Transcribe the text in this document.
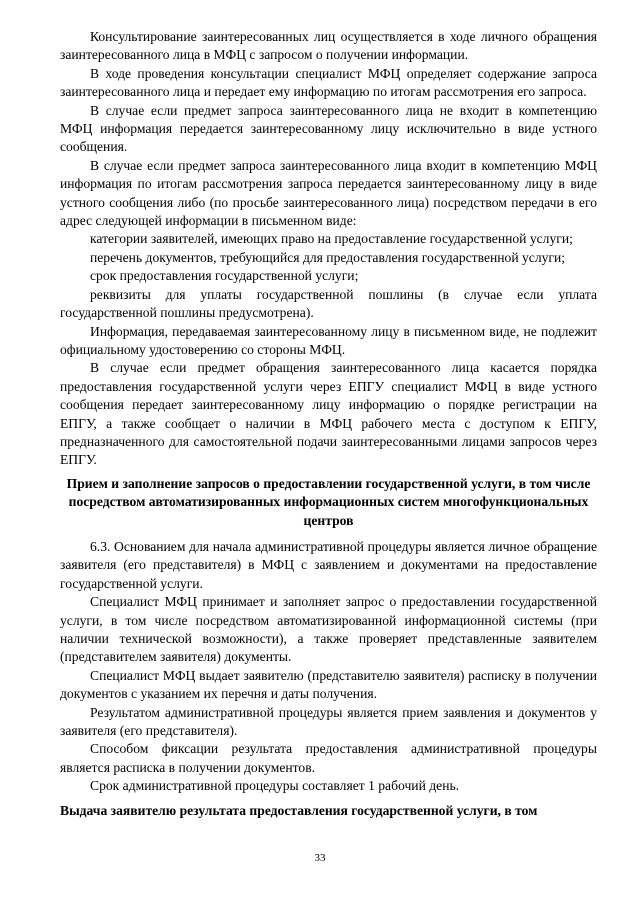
Консультирование заинтересованных лиц осуществляется в ходе личного обращения заинтересованного лица в МФЦ с запросом о получении информации.

В ходе проведения консультации специалист МФЦ определяет содержание запроса заинтересованного лица и передает ему информацию по итогам рассмотрения его запроса.

В случае если предмет запроса заинтересованного лица не входит в компетенцию МФЦ информация передается заинтересованному лицу исключительно в виде устного сообщения.

В случае если предмет запроса заинтересованного лица входит в компетенцию МФЦ информация по итогам рассмотрения запроса передается заинтересованному лицу в виде устного сообщения либо (по просьбе заинтересованного лица) посредством передачи в его адрес следующей информации в письменном виде:

категории заявителей, имеющих право на предоставление государственной услуги;

перечень документов, требующийся для предоставления государственной услуги;

срок предоставления государственной услуги;

реквизиты для уплаты государственной пошлины (в случае если уплата государственной пошлины предусмотрена).

Информация, передаваемая заинтересованному лицу в письменном виде, не подлежит официальному удостоверению со стороны МФЦ.

В случае если предмет обращения заинтересованного лица касается порядка предоставления государственной услуги через ЕПГУ специалист МФЦ в виде устного сообщения передает заинтересованному лицу информацию о порядке регистрации на ЕПГУ, а также сообщает о наличии в МФЦ рабочего места с доступом к ЕПГУ, предназначенного для самостоятельной подачи заинтересованными лицами запросов через ЕПГУ.

Прием и заполнение запросов о предоставлении государственной услуги, в том числе посредством автоматизированных информационных систем многофункциональных центров

6.3. Основанием для начала административной процедуры является личное обращение заявителя (его представителя) в МФЦ с заявлением и документами на предоставление государственной услуги.

Специалист МФЦ принимает и заполняет запрос о предоставлении государственной услуги, в том числе посредством автоматизированной информационной системы (при наличии технической возможности), а также проверяет представленные заявителем (представителем заявителя) документы.

Специалист МФЦ выдает заявителю (представителю заявителя) расписку в получении документов с указанием их перечня и даты получения.

Результатом административной процедуры является прием заявления и документов у заявителя (его представителя).

Способом фиксации результата предоставления административной процедуры является расписка в получении документов.

Срок административной процедуры составляет 1 рабочий день.

Выдача заявителю результата предоставления государственной услуги, в том

33
